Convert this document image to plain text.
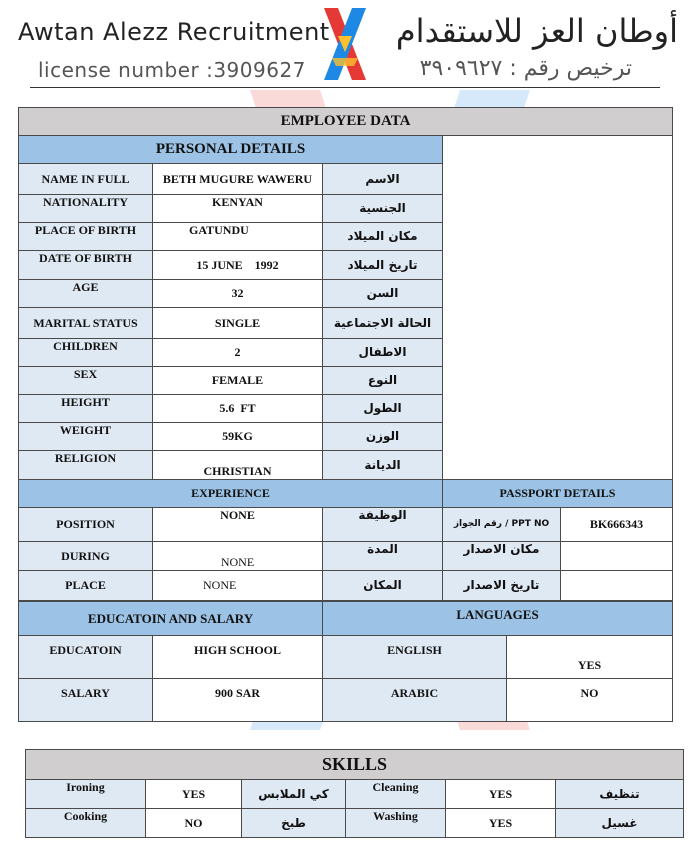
Awtan Alezz Recruitment
license number :3909627
أوطان العز للاستقدام
ترخيص رقم : ٣٩٠٩٦٢٧
EMPLOYEE DATA			
PERSONAL DETAILS			
NAME IN FULL	BETH MUGURE WAWERU	الاسم	
NATIONALITY	KENYAN	الجنسية	
PLACE OF BIRTH	GATUNDU	مكان الميلاد	
DATE OF BIRTH	15 JUNE    1992	تاريخ الميلاد	
AGE	32	السن	
MARITAL STATUS	SINGLE	الحالة الاجتماعية	
CHILDREN	2	الاطفال	
SEX	FEMALE	النوع	
HEIGHT	5.6  FT	الطول	
WEIGHT	59KG	الوزن	
RELIGION	CHRISTIAN	الديانة	
EXPERIENCE			PASSPORT DETAILS
POSITION	NONE	الوظيفة	PPT NO / رقم الجواز	BK666343
DURING	NONE	المدة	مكان الاصدار	
PLACE	NONE	المكان	تاريخ الاصدار	
EDUCATOIN AND SALARY		LANGUAGES	
EDUCATOIN	HIGH SCHOOL	ENGLISH	YES
SALARY	900 SAR	ARABIC	NO
SKILLS					
Ironing	YES	كي الملابس	Cleaning	YES	تنظيف
Cooking	NO	طبخ	Washing	YES	غسيل
